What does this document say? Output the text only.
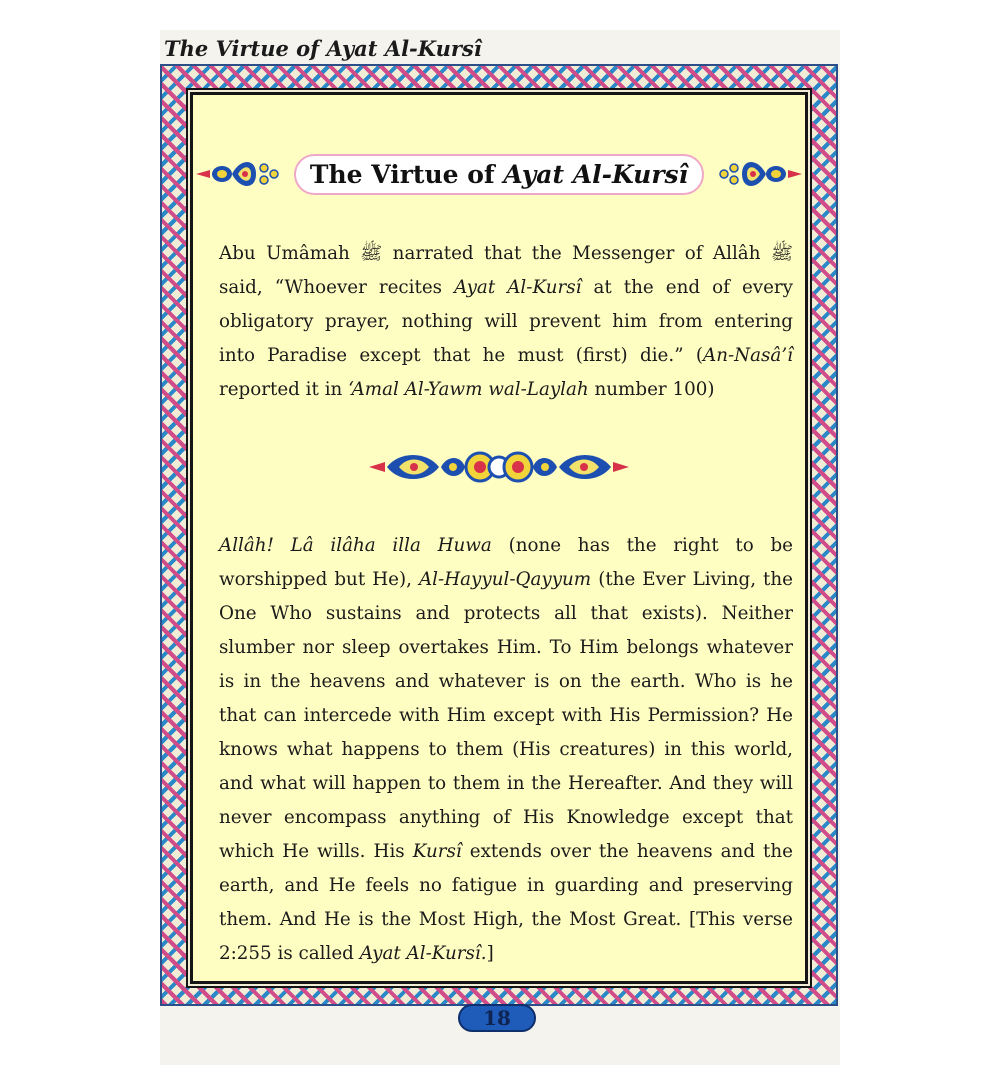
The Virtue of Ayat Al-Kursî
The Virtue of Ayat Al-Kursî
Abu Umâmah ﷺ narrated that the Messenger of Allâh ﷺ said, “Whoever recites Ayat Al-Kursî at the end of every obligatory prayer, nothing will prevent him from entering into Paradise except that he must (first) die.” (An-Nasâ’î reported it in ‘Amal Al-Yawm wal-Laylah number 100)
Allâh! Lâ ilâha illa Huwa (none has the right to be worshipped but He), Al-Hayyul-Qayyum (the Ever Living, the One Who sustains and protects all that exists). Neither slumber nor sleep overtakes Him. To Him belongs whatever is in the heavens and whatever is on the earth. Who is he that can intercede with Him except with His Permission? He knows what happens to them (His creatures) in this world, and what will happen to them in the Hereafter. And they will never encompass anything of His Knowledge except that which He wills. His Kursî extends over the heavens and the earth, and He feels no fatigue in guarding and preserving them. And He is the Most High, the Most Great. [This verse 2:255 is called Ayat Al-Kursî.]
18
